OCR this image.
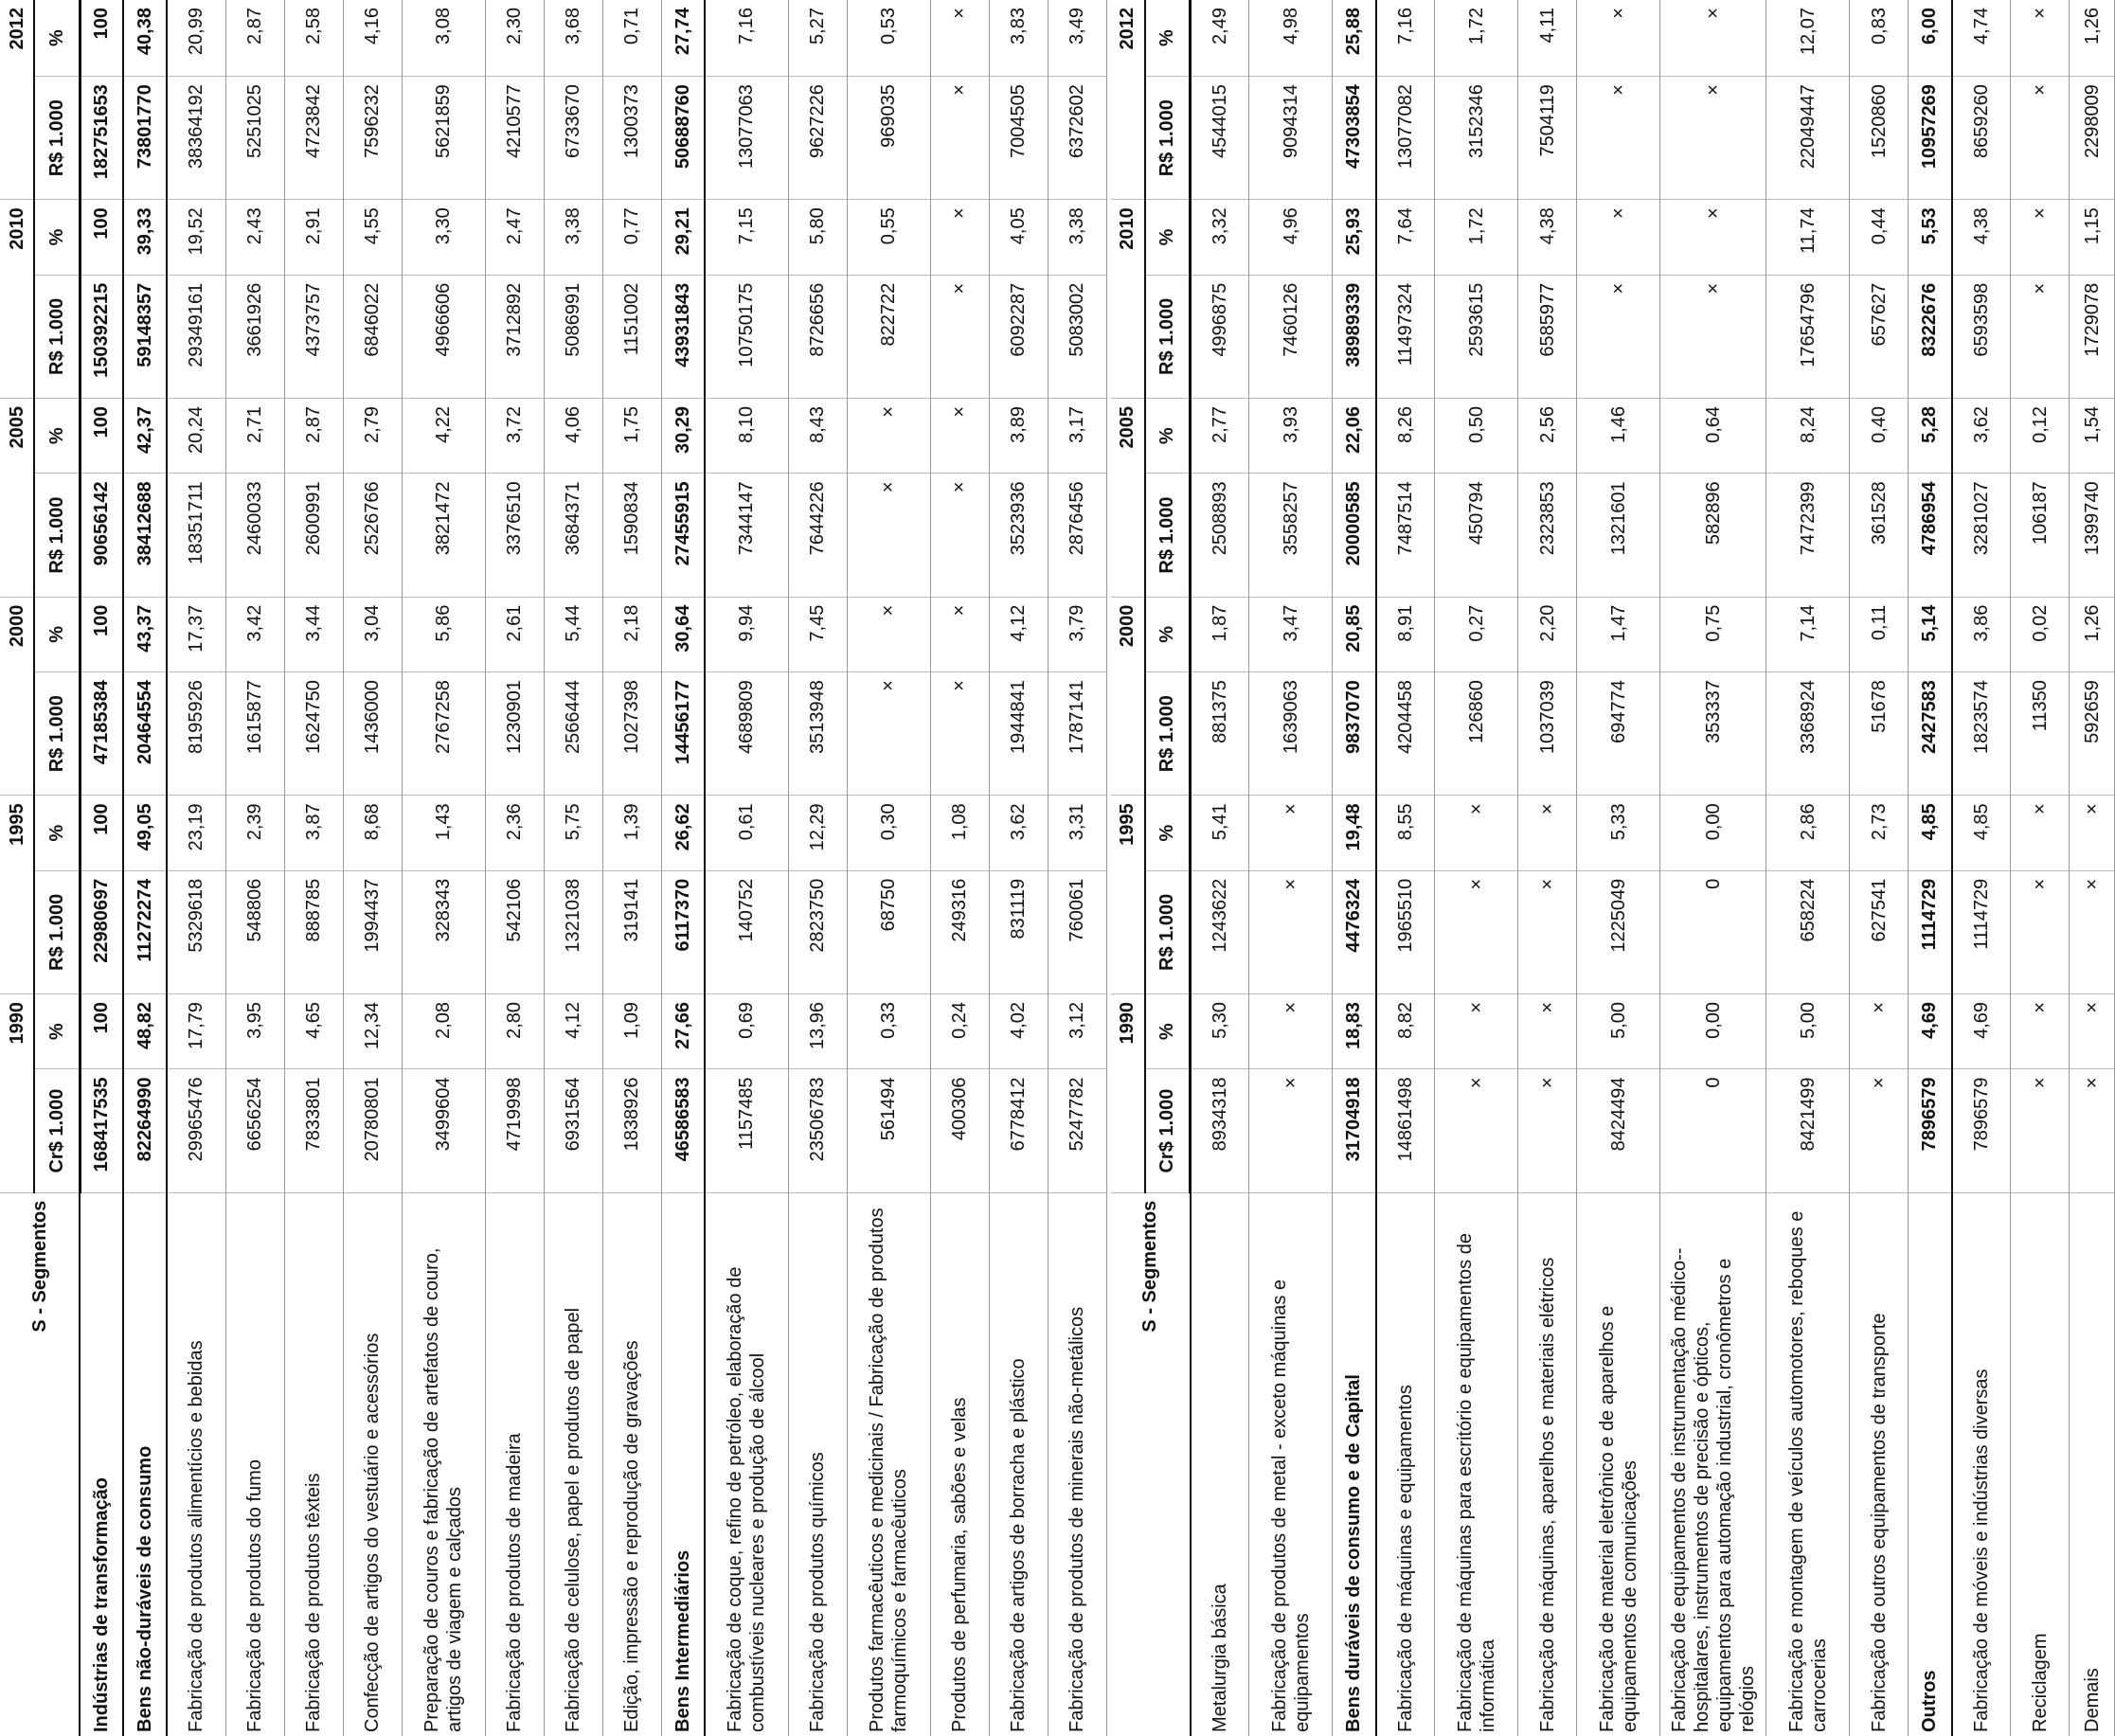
S - Segmentos	1990		1995		2000		2005		2010		2012	
	Cr$ 1.000	%	R$ 1.000	%	R$ 1.000	%	R$ 1.000	%	R$ 1.000	%	R$ 1.000	%
Indústrias de transformação	168417535	100	22980697	100	47185384	100	90656142	100	150392215	100	182751653	100
Bens não-duráveis de consumo	82264990	48,82	11272274	49,05	20464554	43,37	38412688	42,37	59148357	39,33	73801770	40,38
Fabricação de produtos alimentícios e bebidas	29965476	17,79	5329618	23,19	8195926	17,37	18351711	20,24	29349161	19,52	38364192	20,99
Fabricação de produtos do fumo	6656254	3,95	548806	2,39	1615877	3,42	2460033	2,71	3661926	2,43	5251025	2,87
Fabricação de produtos têxteis	7833801	4,65	888785	3,87	1624750	3,44	2600991	2,87	4373757	2,91	4723842	2,58
Confecção de artigos do vestuário e acessórios	20780801	12,34	1994437	8,68	1436000	3,04	2526766	2,79	6846022	4,55	7596232	4,16
Preparação de couros e fabricação de artefatos de couro, artigos de viagem e calçados	3499604	2,08	328343	1,43	2767258	5,86	3821472	4,22	4966606	3,30	5621859	3,08
Fabricação de produtos de madeira	4719998	2,80	542106	2,36	1230901	2,61	3376510	3,72	3712892	2,47	4210577	2,30
Fabricação de celulose, papel e produtos de papel	6931564	4,12	1321038	5,75	2566444	5,44	3684371	4,06	5086991	3,38	6733670	3,68
Edição, impressão e reprodução de gravações	1838926	1,09	319141	1,39	1027398	2,18	1590834	1,75	1151002	0,77	1300373	0,71
Bens Intermediários	46586583	27,66	6117370	26,62	14456177	30,64	27455915	30,29	43931843	29,21	50688760	27,74
Fabricação de coque, refino de petróleo, elaboração de combustíveis nucleares e produção de álcool	1157485	0,69	140752	0,61	4689809	9,94	7344147	8,10	10750175	7,15	13077063	7,16
Fabricação de produtos químicos	23506783	13,96	2823750	12,29	3513948	7,45	7644226	8,43	8726656	5,80	9627226	5,27
Produtos farmacêuticos e medicinais / Fabricação de produtos farmoquímicos e farmacêuticos	561494	0,33	68750	0,30	×	×	×	×	822722	0,55	969035	0,53
Produtos de perfumaria, sabões e velas	400306	0,24	249316	1,08	×	×	×	×	×	×	×	×
Fabricação de artigos de borracha e plástico	6778412	4,02	831119	3,62	1944841	4,12	3523936	3,89	6092287	4,05	7004505	3,83
Fabricação de produtos de minerais não-metálicos	5247782	3,12	760061	3,31	1787141	3,79	2876456	3,17	5083002	3,38	6372602	3,49
S - Segmentos	1990		1995		2000		2005		2010		2012	
	Cr$ 1.000	%	R$ 1.000	%	R$ 1.000	%	R$ 1.000	%	R$ 1.000	%	R$ 1.000	%
Metalurgia básica	8934318	5,30	1243622	5,41	881375	1,87	2508893	2,77	4996875	3,32	4544015	2,49
Fabricação de produtos de metal - exceto máquinas e equipamentos	×	×	×	×	1639063	3,47	3558257	3,93	7460126	4,96	9094314	4,98
Bens duráveis de consumo e de Capital	31704918	18,83	4476324	19,48	9837070	20,85	20000585	22,06	38989339	25,93	47303854	25,88
Fabricação de máquinas e equipamentos	14861498	8,82	1965510	8,55	4204458	8,91	7487514	8,26	11497324	7,64	13077082	7,16
Fabricação de máquinas para escritório e equipamentos de informática	×	×	×	×	126860	0,27	450794	0,50	2593615	1,72	3152346	1,72
Fabricação de máquinas, aparelhos e materiais elétricos	×	×	×	×	1037039	2,20	2323853	2,56	6585977	4,38	7504119	4,11
Fabricação de material eletrônico e de aparelhos e equipamentos de comunicações	8424494	5,00	1225049	5,33	694774	1,47	1321601	1,46	×	×	×	×
Fabricação de equipamentos de instrumentação médico--hospitalares, instrumentos de precisão e ópticos, equipamentos para automação industrial, cronômetros e relógios	0	0,00	0	0,00	353337	0,75	582896	0,64	×	×	×	×
Fabricação e montagem de veículos automotores, reboques e carrocerias	8421499	5,00	658224	2,86	3368924	7,14	7472399	8,24	17654796	11,74	22049447	12,07
Fabricação de outros equipamentos de transporte	×	×	627541	2,73	51678	0,11	361528	0,40	657627	0,44	1520860	0,83
Outros	7896579	4,69	1114729	4,85	2427583	5,14	4786954	5,28	8322676	5,53	10957269	6,00
Fabricação de móveis e indústrias diversas	7896579	4,69	1114729	4,85	1823574	3,86	3281027	3,62	6593598	4,38	8659260	4,74
Reciclagem	×	×	×	×	11350	0,02	106187	0,12	×	×	×	×
Demais	×	×	×	×	592659	1,26	1399740	1,54	1729078	1,15	2298009	1,26
